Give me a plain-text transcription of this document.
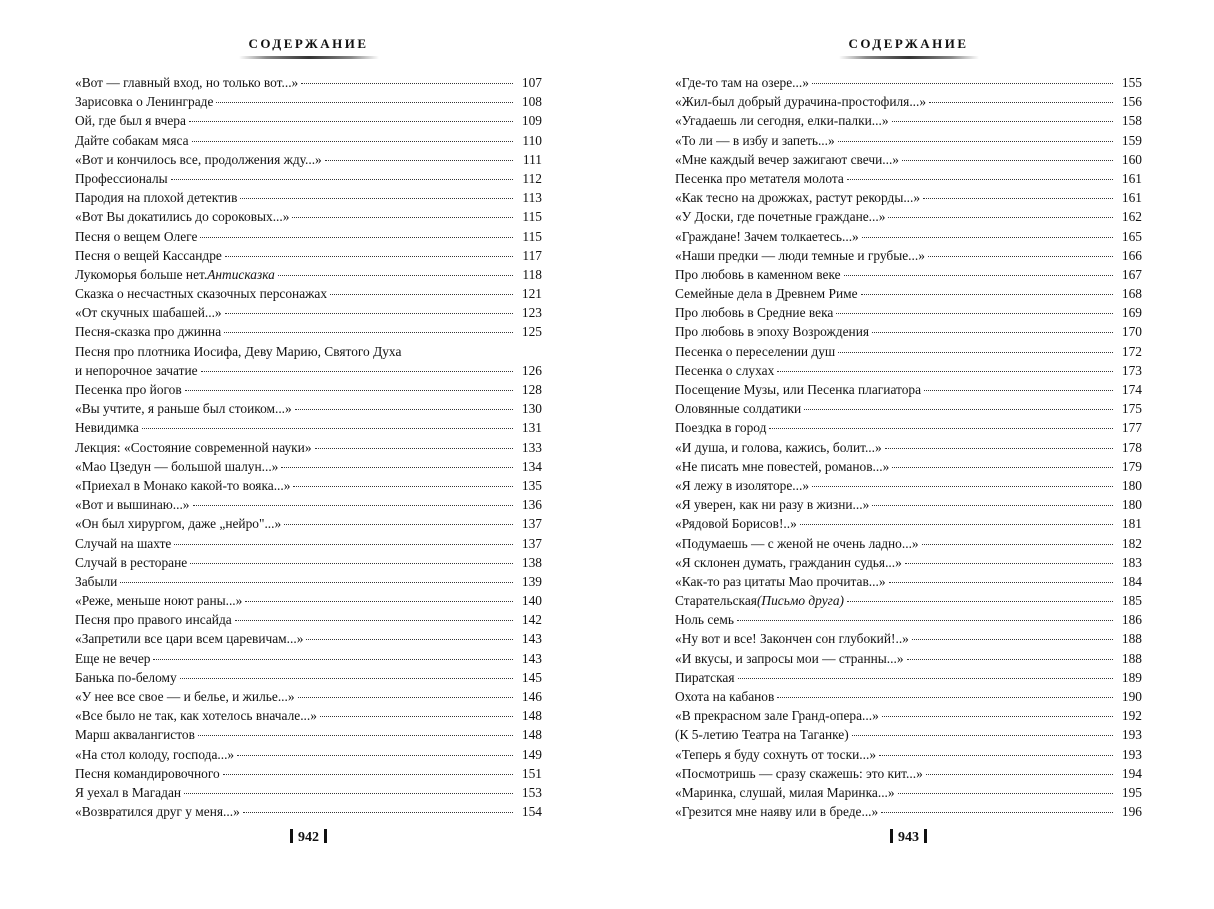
СОДЕРЖАНИЕ
«Вот — главный вход, но только вот...»	107
Зарисовка о Ленинграде	108
Ой, где был я вчера	109
Дайте собакам мяса	110
«Вот и кончилось все, продолжения жду...»	111
Профессионалы	112
Пародия на плохой детектив	113
«Вот Вы докатились до сороковых...»	115
Песня о вещем Олеге	115
Песня о вещей Кассандре	117
Лукоморья больше нет. Антисказка	118
Сказка о несчастных сказочных персонажах	121
«От скучных шабашей...»	123
Песня-сказка про джинна	125
Песня про плотника Иосифа, Деву Марию, Святого Духа
и непорочное зачатие	126
Песенка про йогов	128
«Вы учтите, я раньше был стоиком...»	130
Невидимка	131
Лекция: «Состояние современной науки»	133
«Мао Цзедун — большой шалун...»	134
«Приехал в Монако какой-то вояка...»	135
«Вот и вышинаю...»	136
«Он был хирургом, даже „нейро"...»	137
Случай на шахте	137
Случай в ресторане	138
Забыли	139
«Реже, меньше ноют раны...»	140
Песня про правого инсайда	142
«Запретили все цари всем царевичам...»	143
Еще не вечер	143
Банька по-белому	145
«У нее все свое — и белье, и жилье...»	146
«Все было не так, как хотелось вначале...»	148
Марш аквалангистов	148
«На стол колоду, господа...»	149
Песня командировочного	151
Я уехал в Магадан	153
«Возвратился друг у меня...»	154
942
СОДЕРЖАНИЕ
«Где-то там на озере...»	155
«Жил-был добрый дурачина-простофиля...»	156
«Угадаешь ли сегодня, елки-палки...»	158
«То ли — в избу и запеть...»	159
«Мне каждый вечер зажигают свечи...»	160
Песенка про метателя молота	161
«Как тесно на дрожжах, растут рекорды...»	161
«У Доски, где почетные граждане...»	162
«Граждане! Зачем толкаетесь...»	165
«Наши предки — люди темные и грубые...»	166
Про любовь в каменном веке	167
Семейные дела в Древнем Риме	168
Про любовь в Средние века	169
Про любовь в эпоху Возрождения	170
Песенка о переселении душ	172
Песенка о слухах	173
Посещение Музы, или Песенка плагиатора	174
Оловянные солдатики	175
Поездка в город	177
«И душа, и голова, кажись, болит...»	178
«Не писать мне повестей, романов...»	179
«Я лежу в изоляторе...»	180
«Я уверен, как ни разу в жизни...»	180
«Рядовой Борисов!..»	181
«Подумаешь — с женой не очень ладно...»	182
«Я склонен думать, гражданин судья...»	183
«Как-то раз цитаты Мао прочитав...»	184
Старательская (Письмо друга)	185
Ноль семь	186
«Ну вот и все! Закончен сон глубокий!..»	188
«И вкусы, и запросы мои — странны...»	188
Пиратская	189
Охота на кабанов	190
«В прекрасном зале Гранд-опера...»	192
(К 5-летию Театра на Таганке)	193
«Теперь я буду сохнуть от тоски...»	193
«Посмотришь — сразу скажешь: это кит...»	194
«Маринка, слушай, милая Маринка...»	195
«Грезится мне наяву или в бреде...»	196
943
